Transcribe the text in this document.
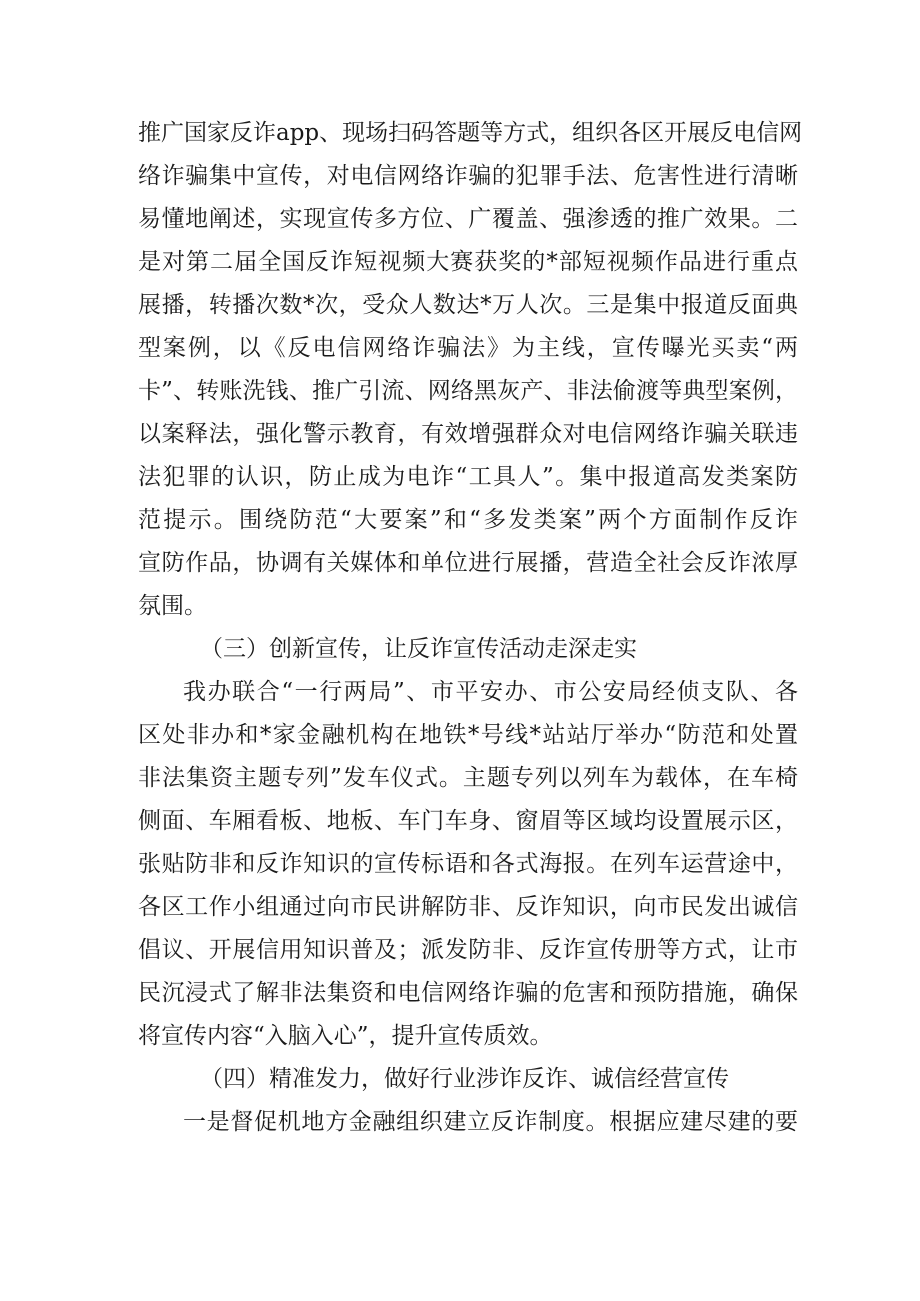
推广国家反诈app、现场扫码答题等方式，组织各区开展反电信网
络诈骗集中宣传，对电信网络诈骗的犯罪手法、危害性进行清晰
易懂地阐述，实现宣传多方位、广覆盖、强渗透的推广效果。二
是对第二届全国反诈短视频大赛获奖的*部短视频作品进行重点
展播，转播次数*次，受众人数达*万人次。三是集中报道反面典
型案例，以《反电信网络诈骗法》为主线，宣传曝光买卖“两
卡”、转账洗钱、推广引流、网络黑灰产、非法偷渡等典型案例，
以案释法，强化警示教育，有效增强群众对电信网络诈骗关联违
法犯罪的认识，防止成为电诈“工具人”。集中报道高发类案防
范提示。围绕防范“大要案”和“多发类案”两个方面制作反诈
宣防作品，协调有关媒体和单位进行展播，营造全社会反诈浓厚
氛围。
（三）创新宣传，让反诈宣传活动走深走实
我办联合“一行两局”、市平安办、市公安局经侦支队、各
区处非办和*家金融机构在地铁*号线*站站厅举办“防范和处置
非法集资主题专列”发车仪式。主题专列以列车为载体，在车椅
侧面、车厢看板、地板、车门车身、窗眉等区域均设置展示区，
张贴防非和反诈知识的宣传标语和各式海报。在列车运营途中，
各区工作小组通过向市民讲解防非、反诈知识，向市民发出诚信
倡议、开展信用知识普及；派发防非、反诈宣传册等方式，让市
民沉浸式了解非法集资和电信网络诈骗的危害和预防措施，确保
将宣传内容“入脑入心”，提升宣传质效。
（四）精准发力，做好行业涉诈反诈、诚信经营宣传
一是督促机地方金融组织建立反诈制度。根据应建尽建的要
